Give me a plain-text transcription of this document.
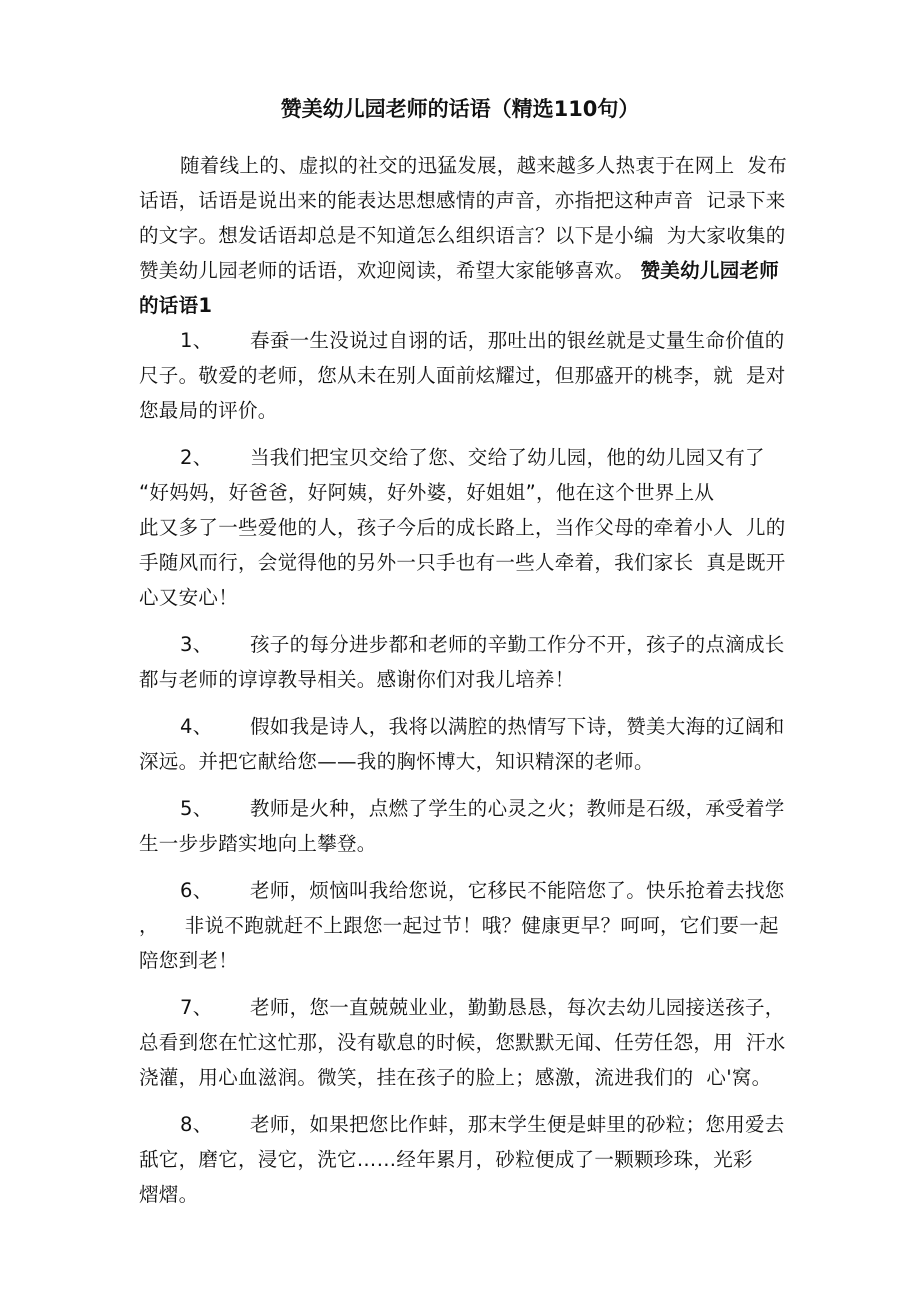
赞美幼儿园老师的话语（精选110句）

随着线上的、虚拟的社交的迅猛发展，越来越多人热衷于在网上  发布

话语，话语是说出来的能表达思想感情的声音，亦指把这种声音  记录下来

的文字。想发话语却总是不知道怎么组织语言？以下是小编  为大家收集的

赞美幼儿园老师的话语，欢迎阅读，希望大家能够喜欢。 赞美幼儿园老师

的话语1

1、 春蚕一生没说过自诩的话，那吐出的银丝就是丈量生命价值的

尺子。敬爱的老师，您从未在别人面前炫耀过，但那盛开的桃李，就  是对

您最局的评价。

2、 当我们把宝贝交给了您、交给了幼儿园，他的幼儿园又有了

“好妈妈，好爸爸，好阿姨，好外婆，好姐姐”，他在这个世界上从

此又多了一些爱他的人，孩子今后的成长路上，当作父母的牵着小人  儿的

手随风而行，会觉得他的另外一只手也有一些人牵着，我们家长  真是既开

心又安心！

3、 孩子的每分进步都和老师的辛勤工作分不开，孩子的点滴成长

都与老师的谆谆教导相关。感谢你们对我儿培养！

4、 假如我是诗人，我将以满腔的热情写下诗，赞美大海的辽阔和

深远。并把它献给您——我的胸怀博大，知识精深的老师。

5、 教师是火种，点燃了学生的心灵之火；教师是石级，承受着学

生一步步踏实地向上攀登。

6、 老师，烦恼叫我给您说，它移民不能陪您了。快乐抢着去找您

，    非说不跑就赶不上跟您一起过节！哦？健康更早？呵呵，它们要一起

陪您到老！

7、 老师，您一直兢兢业业，勤勤恳恳，每次去幼儿园接送孩子，

总看到您在忙这忙那，没有歇息的时候，您默默无闻、任劳任怨，用  汗水

浇灌，用心血滋润。微笑，挂在孩子的脸上；感激，流进我们的  心'窝。

8、 老师，如果把您比作蚌，那末学生便是蚌里的砂粒；您用爱去

舐它，磨它，浸它，洗它……经年累月，砂粒便成了一颗颗珍珠，光彩

熠熠。
